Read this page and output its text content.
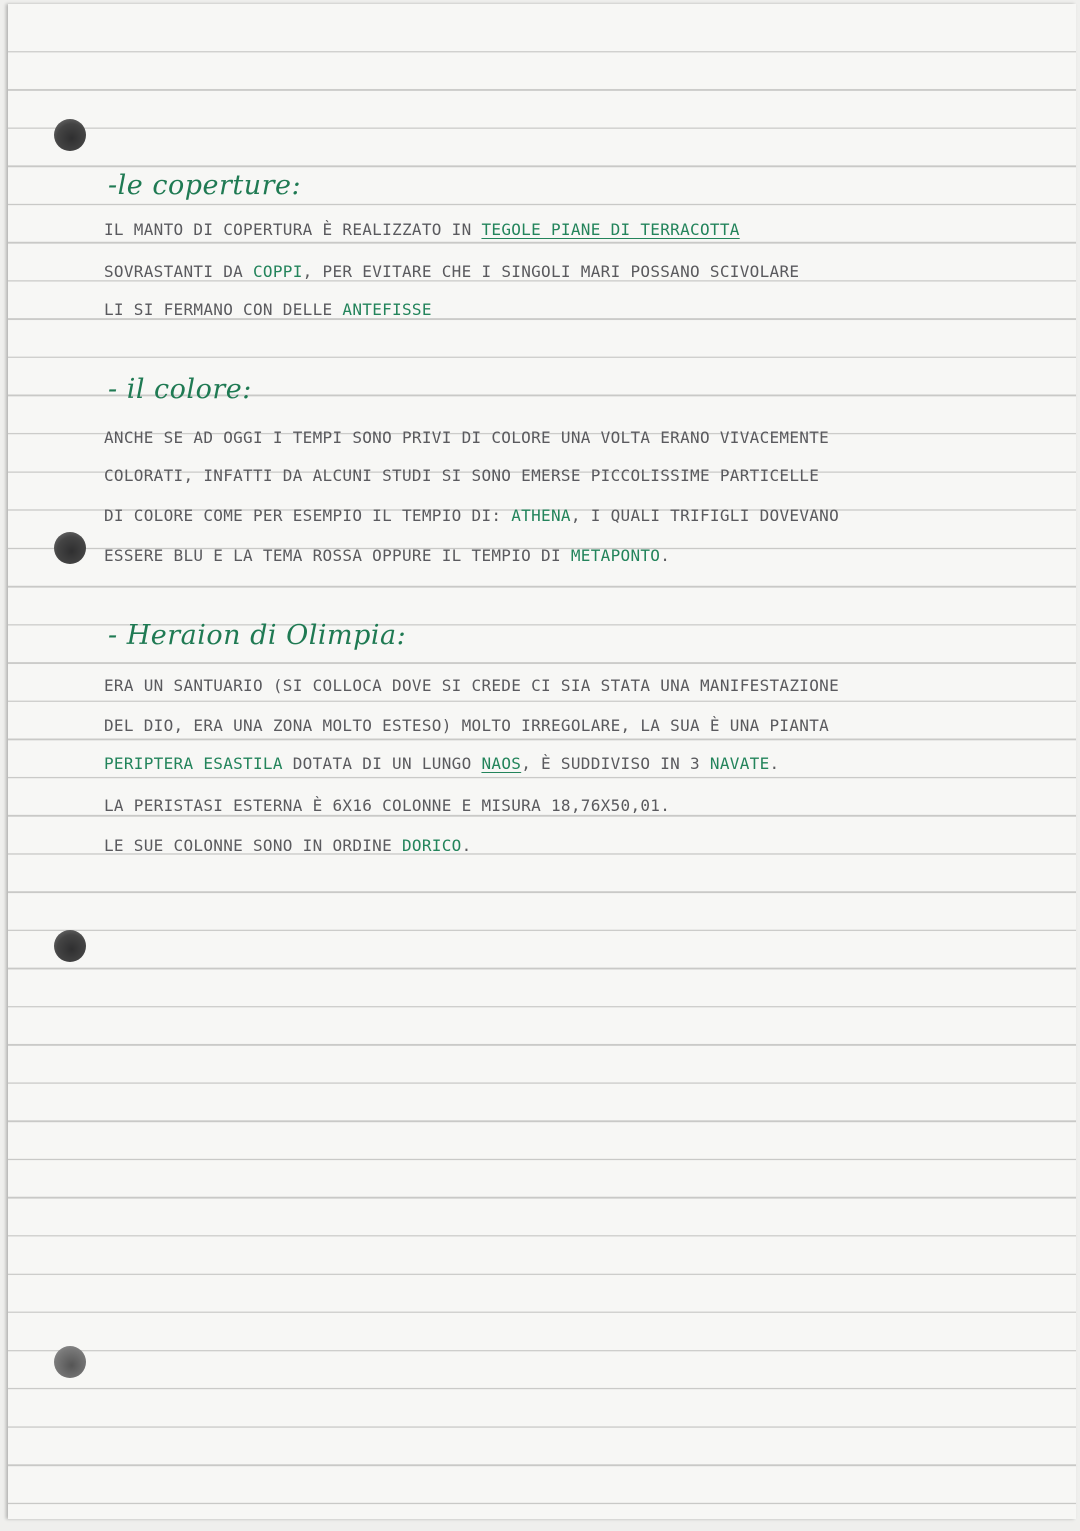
-le coperture:
IL MANTO DI COPERTURA È REALIZZATO IN TEGOLE PIANE DI TERRACOTTA
SOVRASTANTI DA COPPI, PER EVITARE CHE I SINGOLI MARI POSSANO SCIVOLARE
LI SI FERMANO CON DELLE ANTEFISSE
- il colore:
ANCHE SE AD OGGI I TEMPI SONO PRIVI DI COLORE UNA VOLTA ERANO VIVACEMENTE
COLORATI, INFATTI DA ALCUNI STUDI SI SONO EMERSE PICCOLISSIME PARTICELLE
DI COLORE COME PER ESEMPIO IL TEMPIO DI: ATHENA, I QUALI TRIFIGLI DOVEVANO
ESSERE BLU E LA TEMA ROSSA OPPURE IL TEMPIO DI METAPONTO.
- Heraion di Olimpia:
ERA UN SANTUARIO (SI COLLOCA DOVE SI CREDE CI SIA STATA UNA MANIFESTAZIONE
DEL DIO, ERA UNA ZONA MOLTO ESTESO) MOLTO IRREGOLARE, LA SUA È UNA PIANTA
PERIPTERA ESASTILA DOTATA DI UN LUNGO NAOS, È SUDDIVISO IN 3 NAVATE.
LA PERISTASI ESTERNA È 6X16 COLONNE E MISURA 18,76X50,01.
LE SUE COLONNE SONO IN ORDINE DORICO.
